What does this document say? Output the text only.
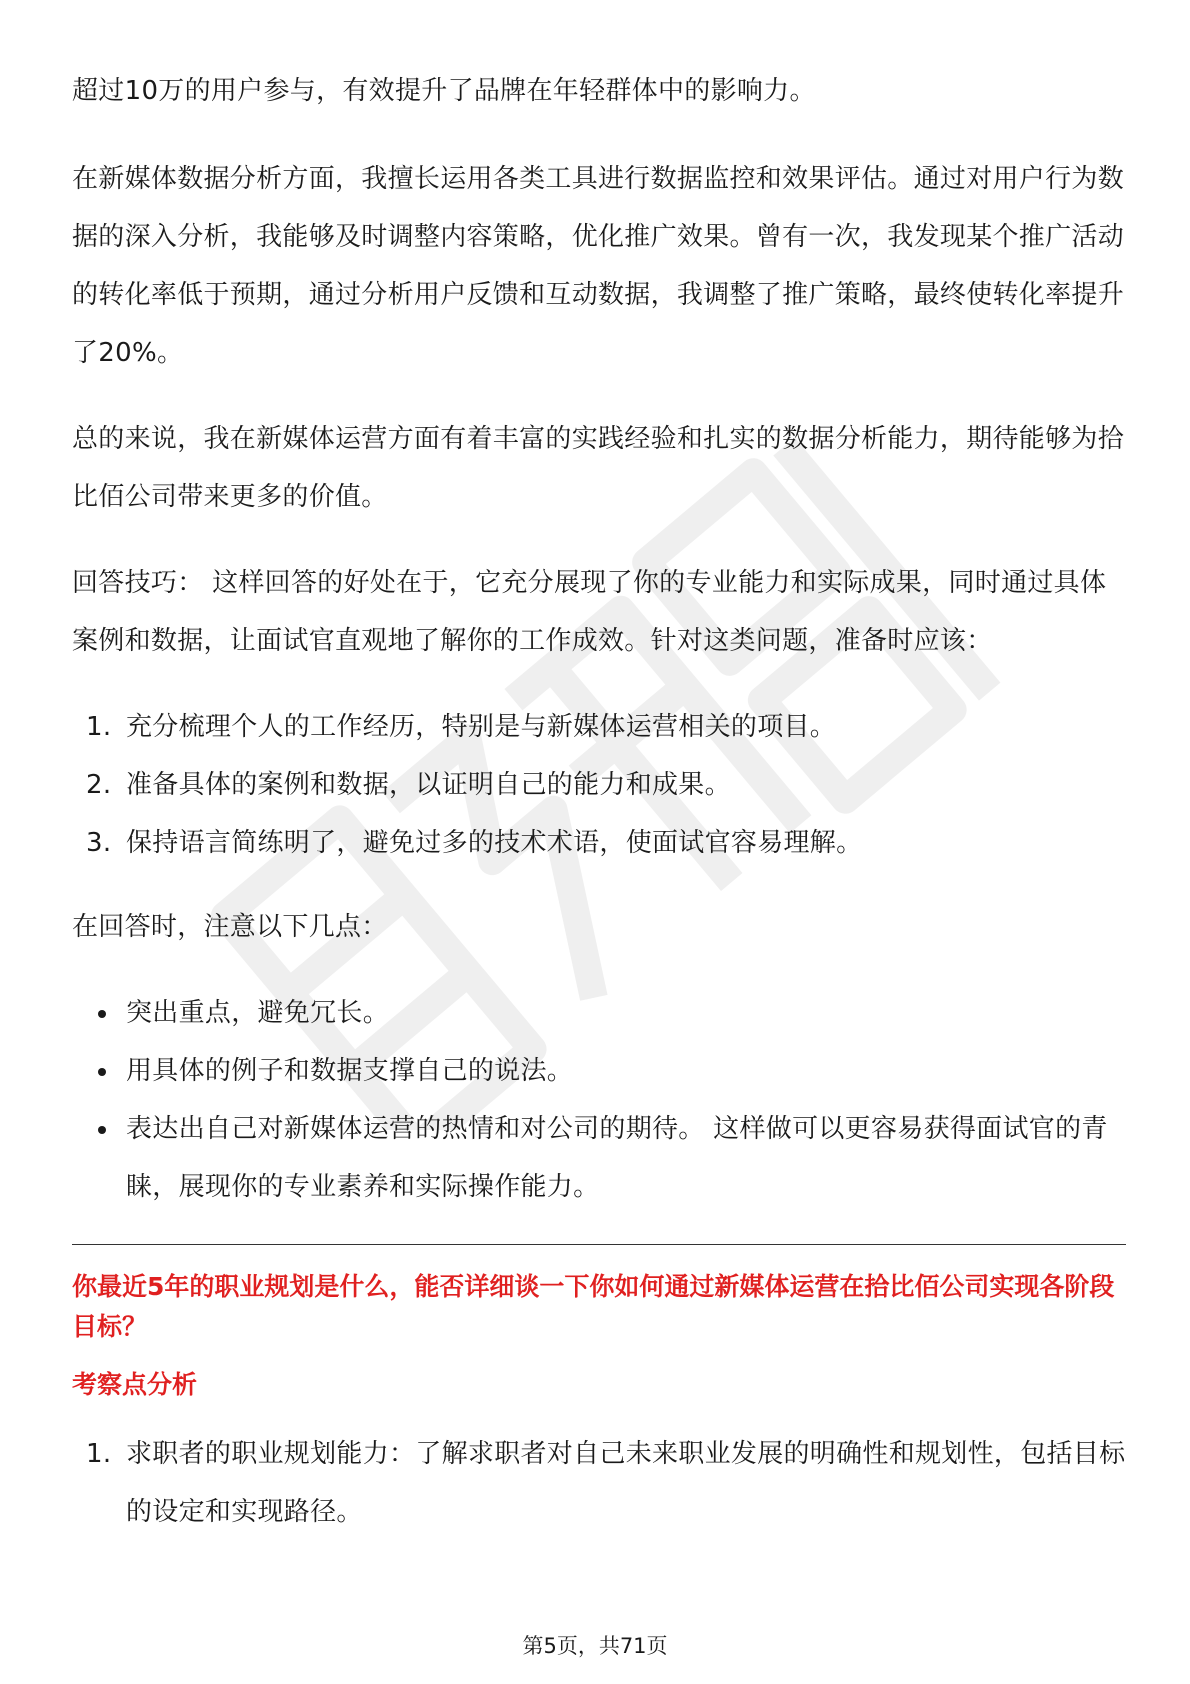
超过10万的用户参与，有效提升了品牌在年轻群体中的影响力。

在新媒体数据分析方面，我擅长运用各类工具进行数据监控和效果评估。通过对用户行为数据的深入分析，我能够及时调整内容策略，优化推广效果。曾有一次，我发现某个推广活动的转化率低于预期，通过分析用户反馈和互动数据，我调整了推广策略，最终使转化率提升了20%。

总的来说，我在新媒体运营方面有着丰富的实践经验和扎实的数据分析能力，期待能够为拾比佰公司带来更多的价值。

回答技巧： 这样回答的好处在于，它充分展现了你的专业能力和实际成果，同时通过具体案例和数据，让面试官直观地了解你的工作成效。针对这类问题，准备时应该：

1. 充分梳理个人的工作经历，特别是与新媒体运营相关的项目。
2. 准备具体的案例和数据，以证明自己的能力和成果。
3. 保持语言简练明了，避免过多的技术术语，使面试官容易理解。

在回答时，注意以下几点：

突出重点，避免冗长。
用具体的例子和数据支撑自己的说法。
表达出自己对新媒体运营的热情和对公司的期待。 这样做可以更容易获得面试官的青睐，展现你的专业素养和实际操作能力。
你最近5年的职业规划是什么，能否详细谈一下你如何通过新媒体运营在拾比佰公司实现各阶段目标？
考察点分析
1. 求职者的职业规划能力：了解求职者对自己未来职业发展的明确性和规划性，包括目标的设定和实现路径。
第5页，共71页
